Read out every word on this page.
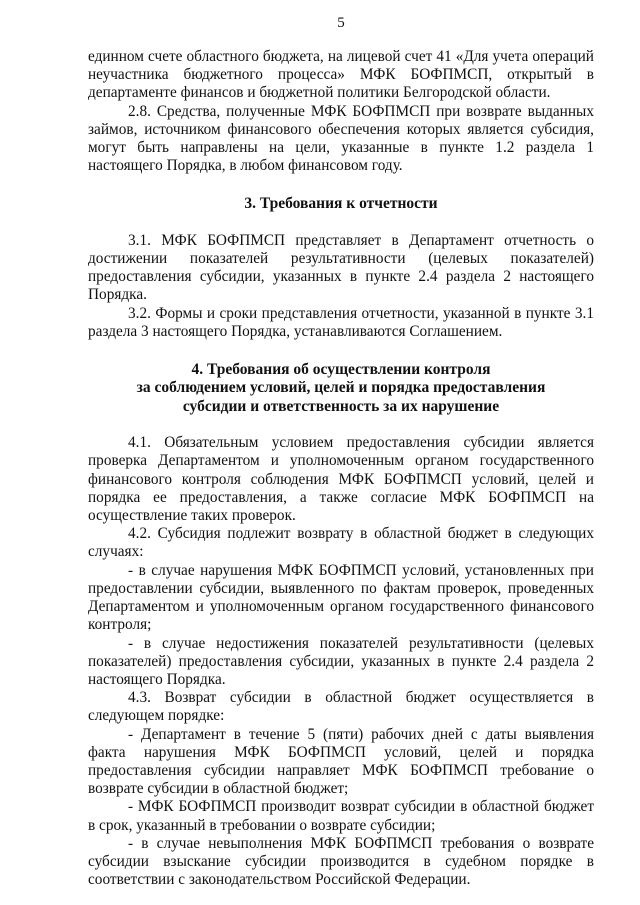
5

единном счете областного бюджета, на лицевой счет 41 «Для учета операций неучастника бюджетного процесса» МФК БОФПМСП, открытый в департаменте финансов и бюджетной политики Белгородской области.

2.8. Средства, полученные МФК БОФПМСП при возврате выданных займов, источником финансового обеспечения которых является субсидия, могут быть направлены на цели, указанные в пункте 1.2 раздела 1 настоящего Порядка, в любом финансовом году.

3. Требования к отчетности

3.1. МФК БОФПМСП представляет в Департамент отчетность о достижении показателей результативности (целевых показателей) предоставления субсидии, указанных в пункте 2.4 раздела 2 настоящего Порядка.

3.2. Формы и сроки представления отчетности, указанной в пункте 3.1 раздела 3 настоящего Порядка, устанавливаются Соглашением.

4. Требования об осуществлении контроля
за соблюдением условий, целей и порядка предоставления
субсидии и ответственность за их нарушение

4.1. Обязательным условием предоставления субсидии является проверка Департаментом и уполномоченным органом государственного финансового контроля соблюдения МФК БОФПМСП условий, целей и порядка ее предоставления, а также согласие МФК БОФПМСП на осуществление таких проверок.

4.2. Субсидия подлежит возврату в областной бюджет в следующих случаях:

- в случае нарушения МФК БОФПМСП условий, установленных при предоставлении субсидии, выявленного по фактам проверок, проведенных Департаментом и уполномоченным органом государственного финансового контроля;

- в случае недостижения показателей результативности (целевых показателей) предоставления субсидии, указанных в пункте 2.4 раздела 2 настоящего Порядка.

4.3. Возврат субсидии в областной бюджет осуществляется в следующем порядке:

- Департамент в течение 5 (пяти) рабочих дней с даты выявления факта нарушения МФК БОФПМСП условий, целей и порядка предоставления субсидии направляет МФК БОФПМСП требование о возврате субсидии в областной бюджет;

- МФК БОФПМСП производит возврат субсидии в областной бюджет в срок, указанный в требовании о возврате субсидии;

- в случае невыполнения МФК БОФПМСП требования о возврате субсидии взыскание субсидии производится в судебном порядке в соответствии с законодательством Российской Федерации.
